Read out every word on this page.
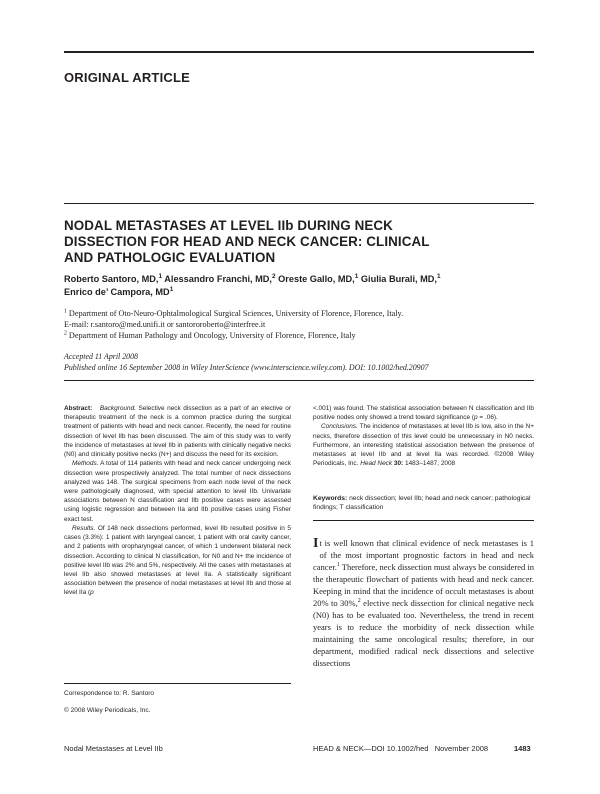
ORIGINAL ARTICLE
NODAL METASTASES AT LEVEL IIb DURING NECK
DISSECTION FOR HEAD AND NECK CANCER: CLINICAL
AND PATHOLOGIC EVALUATION
Roberto Santoro, MD,$^1$ Alessandro Franchi, MD,$^2$ Oreste Gallo, MD,$^1$ Giulia Burali, MD,$^1$
Enrico de’ Campora, $MD^1$
$^1$ Department of Oto-Neuro-Ophtalmological Surgical Sciences, University of Florence, Florence, Italy.
E-mail: r.santoro@med.unifi.it or santororoberto@interfree.it
$^2$ Department of Human Pathology and Oncology, University of Florence, Florence, Italy
Accepted 11 April 2008
Published online 16 September 2008 in Wiley InterScience (www.interscience.wiley.com). DOI: 10.1002/hed.20907

Abstract: Background. Selective neck dissection as a part of an elective or therapeutic treatment of the neck is a common practice during the surgical treatment of patients with head and neck cancer. Recently, the need for routine dissection of level IIb has been discussed. The aim of this study was to verify the incidence of metastases at level IIb in patients with clinically negative necks (N0) and clinically positive necks (N+) and discuss the need for its excision.

Methods. A total of 114 patients with head and neck cancer undergoing neck dissection were prospectively analyzed. The total number of neck dissections analyzed was 148. The surgical specimens from each node level of the neck were pathologically diagnosed, with special attention to level IIb. Univariate associations between N classification and IIb positive cases were assessed using logistic regression and between IIa and IIb positive cases using Fisher exact test.

Results. Of 148 neck dissections performed, level IIb resulted positive in 5 cases (3.3%): 1 patient with laryngeal cancer, 1 patient with oral cavity cancer, and 2 patients with oropharyngeal cancer, of which 1 underwent bilateral neck dissection. According to clinical N classification, for N0 and N+ the incidence of positive level IIb was 2% and 5%, respectively. All the cases with metastases at level IIb also showed metastases at level IIa. A statistically significant association between the presence of nodal metastases at level IIb and those at level IIa (p

Correspondence to: R. Santoro
© 2008 Wiley Periodicals, Inc.

<.001) was found. The statistical association between N classification and IIb positive nodes only showed a trend toward significance (p = .06).

Conclusions. The incidence of metastases at level IIb is low, also in the N+ necks, therefore dissection of this level could be unnecessary in N0 necks. Furthermore, an interesting statistical association between the presence of metastases at level IIb and at level IIa was recorded. ©2008 Wiley Periodicals, Inc. Head Neck 30: 1483–1487, 2008

Keywords: neck dissection; level IIb; head and neck cancer; pathological findings; T classification
It is well known that clinical evidence of neck metastases is 1 of the most important prognostic factors in head and neck cancer.$^1$ Therefore, neck dissection must always be considered in the therapeutic flowchart of patients with head and neck cancer. Keeping in mind that the incidence of occult metastases is about 20% to 30%,$^2$ elective neck dissection for clinical negative neck (N0) has to be evaluated too. Nevertheless, the trend in recent years is to reduce the morbidity of neck dissection while maintaining the same oncological results; therefore, in our department, modified radical neck dissections and selective dissections
Nodal Metastases at Level IIb	HEAD & NECK—DOI 10.1002/hed   November 2008	1483
